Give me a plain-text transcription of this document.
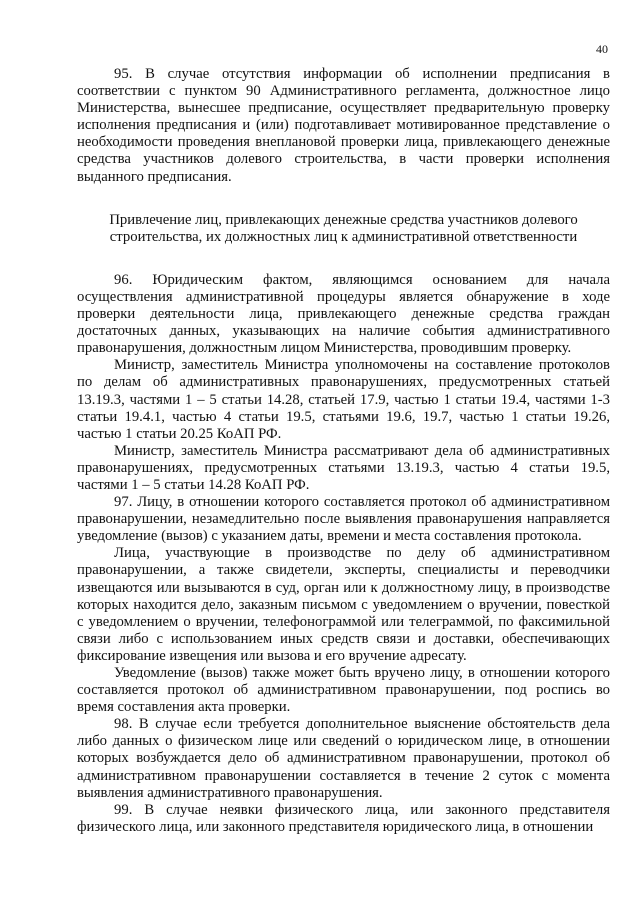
40

95. В случае отсутствия информации об исполнении предписания в соответствии с пунктом 90 Административного регламента, должностное лицо Министерства, вынесшее предписание, осуществляет предварительную проверку исполнения предписания и (или) подготавливает мотивированное представление о необходимости проведения внеплановой проверки лица, привлекающего денежные средства участников долевого строительства, в части проверки исполнения выданного предписания.

Привлечение лиц, привлекающих денежные средства участников долевого строительства, их должностных лиц к административной ответственности

96. Юридическим фактом, являющимся основанием для начала осуществления административной процедуры является обнаружение в ходе проверки деятельности лица, привлекающего денежные средства граждан достаточных данных, указывающих на наличие события административного правонарушения, должностным лицом Министерства, проводившим проверку.

Министр, заместитель Министра уполномочены на составление протоколов по делам об административных правонарушениях, предусмотренных статьей 13.19.3, частями 1 – 5 статьи 14.28, статьей 17.9, частью 1 статьи 19.4, частями 1-3 статьи 19.4.1, частью 4 статьи 19.5, статьями 19.6, 19.7, частью 1 статьи 19.26, частью 1 статьи 20.25 КоАП РФ.

Министр, заместитель Министра рассматривают дела об административных правонарушениях, предусмотренных статьями 13.19.3, частью 4 статьи 19.5, частями 1 – 5 статьи 14.28 КоАП РФ.

97. Лицу, в отношении которого составляется протокол об административном правонарушении, незамедлительно после выявления правонарушения направляется уведомление (вызов) с указанием даты, времени и места составления протокола.

Лица, участвующие в производстве по делу об административном правонарушении, а также свидетели, эксперты, специалисты и переводчики извещаются или вызываются в суд, орган или к должностному лицу, в производстве которых находится дело, заказным письмом с уведомлением о вручении, повесткой с уведомлением о вручении, телефонограммой или телеграммой, по факсимильной связи либо с использованием иных средств связи и доставки, обеспечивающих фиксирование извещения или вызова и его вручение адресату.

Уведомление (вызов) также может быть вручено лицу, в отношении которого составляется протокол об административном правонарушении, под роспись во время составления акта проверки.

98. В случае если требуется дополнительное выяснение обстоятельств дела либо данных о физическом лице или сведений о юридическом лице, в отношении которых возбуждается дело об административном правонарушении, протокол об административном правонарушении составляется в течение 2 суток с момента выявления административного правонарушения.

99. В случае неявки физического лица, или законного представителя физического лица, или законного представителя юридического лица, в отношении
